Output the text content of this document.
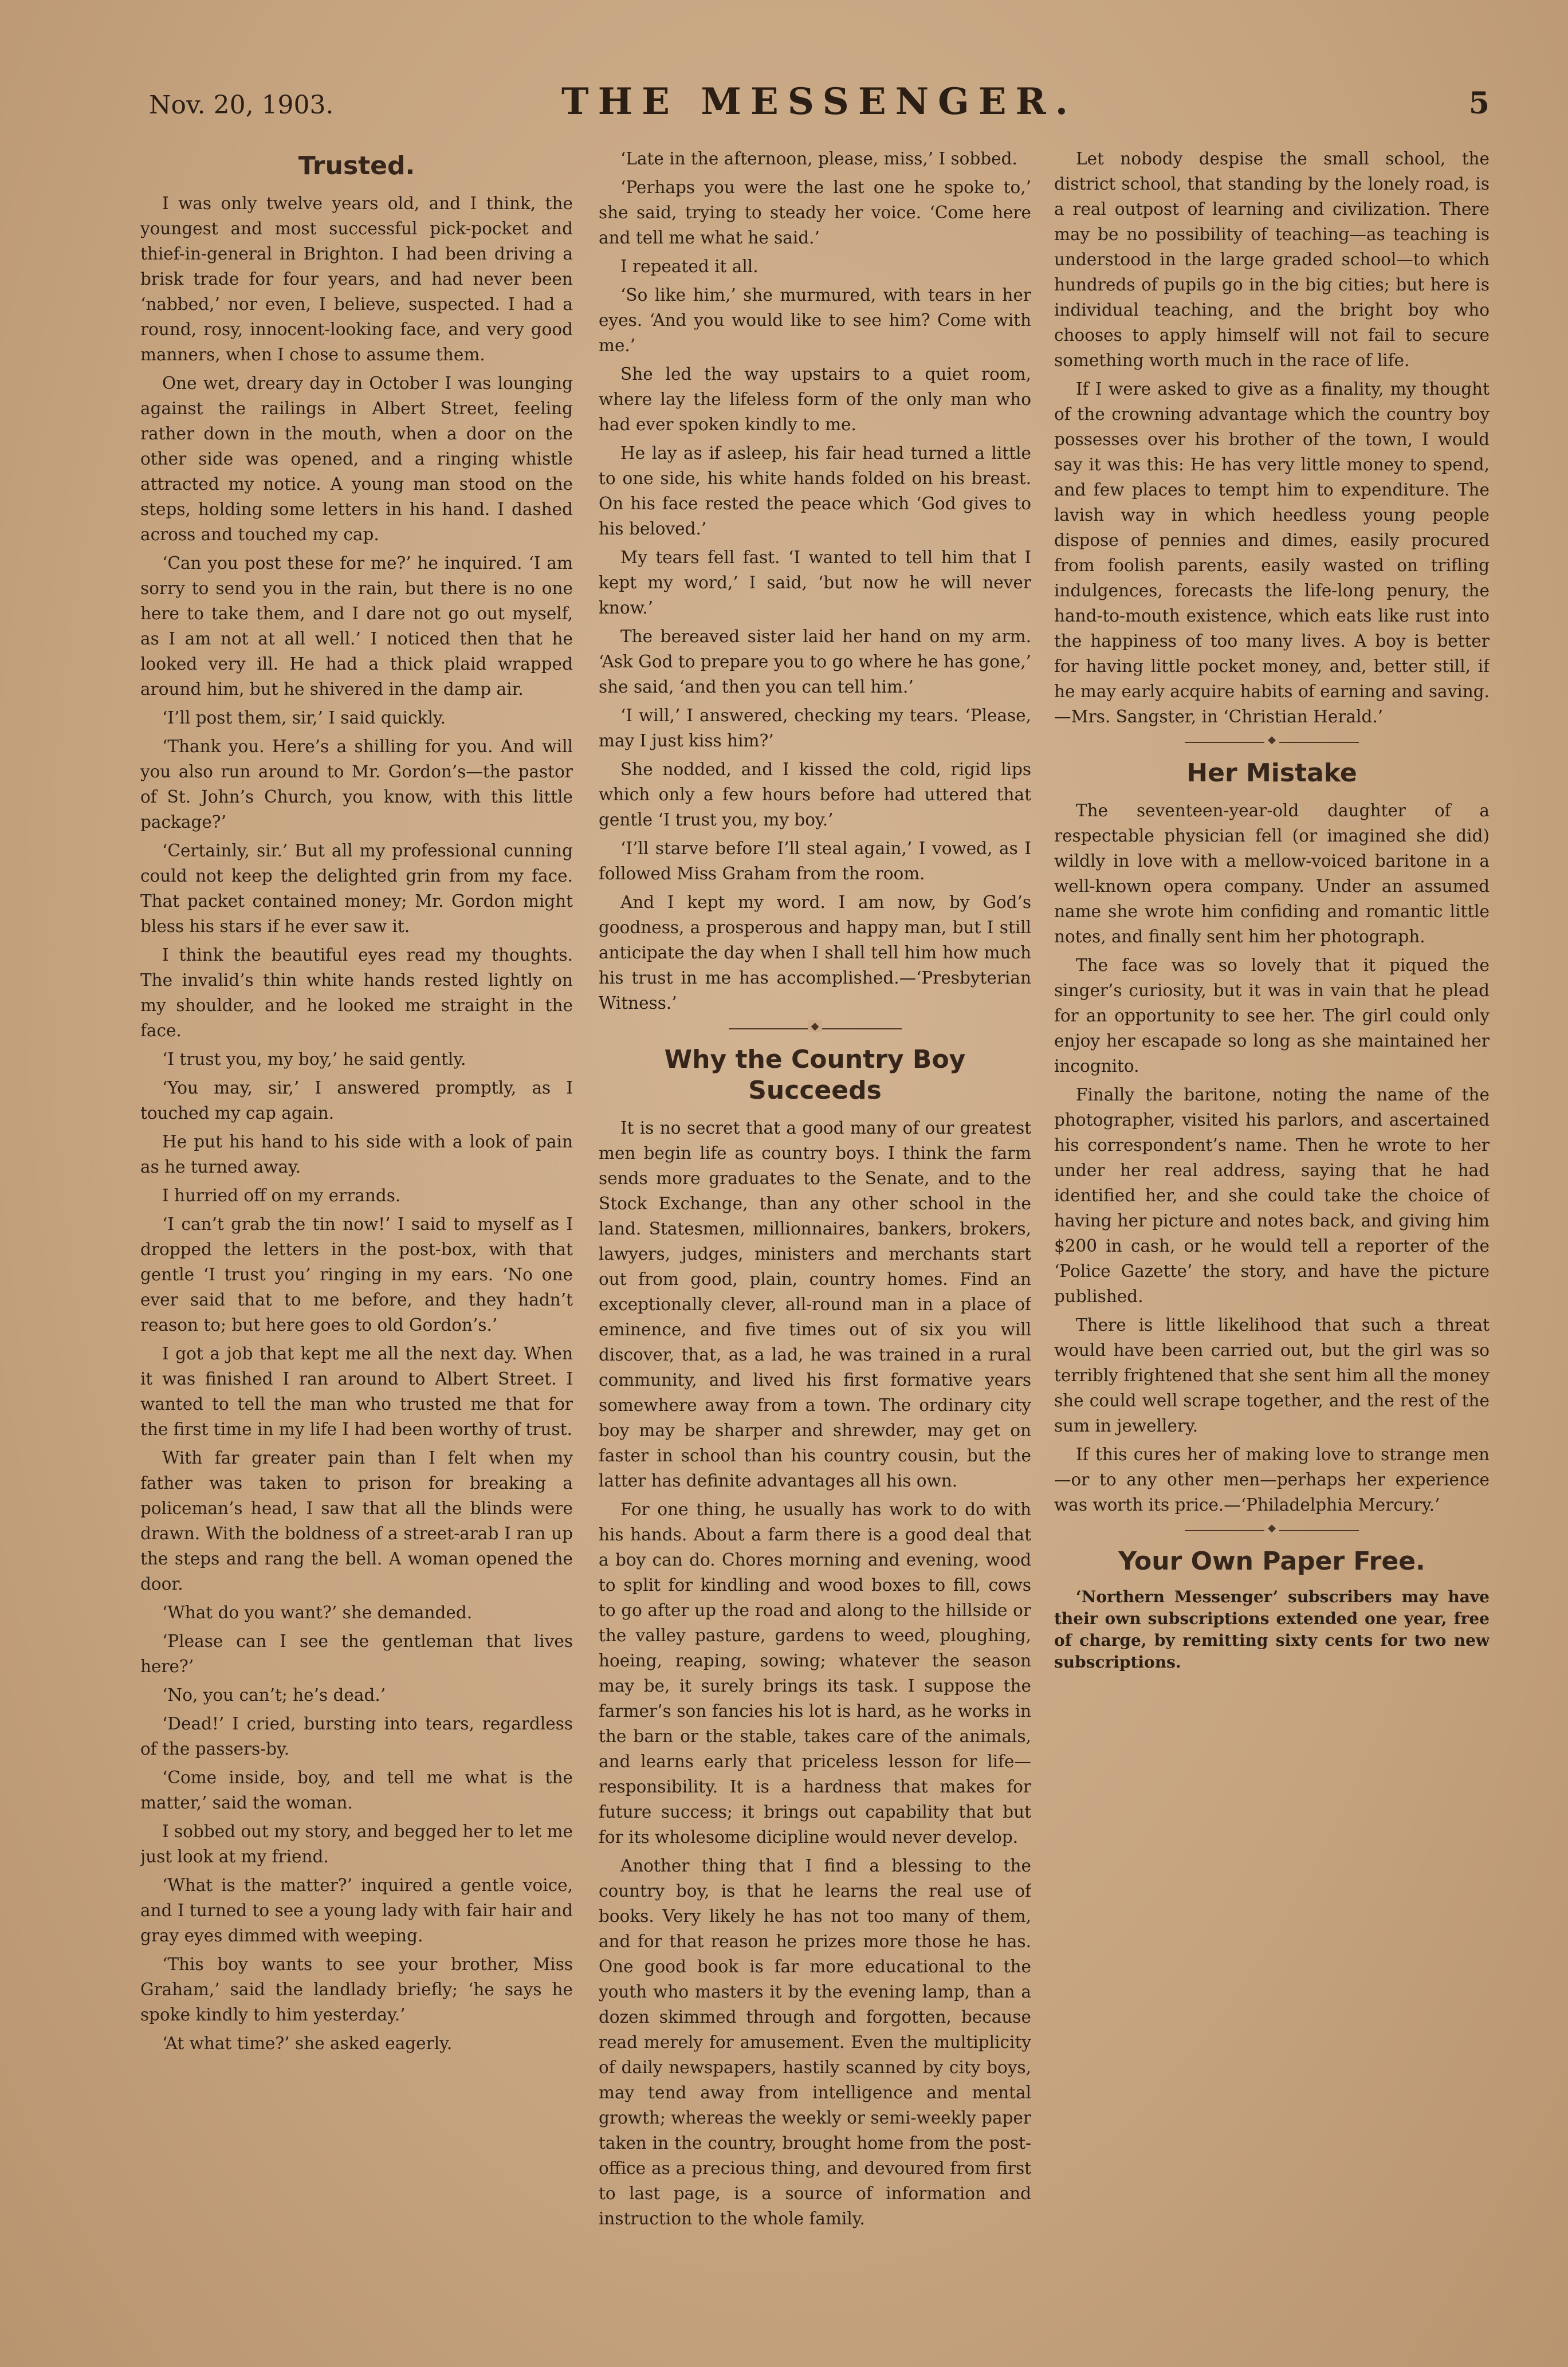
Nov. 20, 1903.	THE MESSENGER.	5
Trusted.

I was only twelve years old, and I think, the youngest and most successful pick-pocket and thief-in-general in Brighton. I had been driving a brisk trade for four years, and had never been ‘nabbed,’ nor even, I believe, suspected. I had a round, rosy, innocent-looking face, and very good manners, when I chose to assume them.

One wet, dreary day in October I was lounging against the railings in Albert Street, feeling rather down in the mouth, when a door on the other side was opened, and a ringing whistle attracted my notice. A young man stood on the steps, holding some letters in his hand. I dashed across and touched my cap.

‘Can you post these for me?’ he inquired. ‘I am sorry to send you in the rain, but there is no one here to take them, and I dare not go out myself, as I am not at all well.’ I noticed then that he looked very ill. He had a thick plaid wrapped around him, but he shivered in the damp air.

‘I’ll post them, sir,’ I said quickly.

‘Thank you. Here’s a shilling for you. And will you also run around to Mr. Gordon’s—the pastor of St. John’s Church, you know, with this little package?’

‘Certainly, sir.’ But all my professional cunning could not keep the delighted grin from my face. That packet contained money; Mr. Gordon might bless his stars if he ever saw it.

I think the beautiful eyes read my thoughts. The invalid’s thin white hands rested lightly on my shoulder, and he looked me straight in the face.

‘I trust you, my boy,’ he said gently.

‘You may, sir,’ I answered promptly, as I touched my cap again.

He put his hand to his side with a look of pain as he turned away.

I hurried off on my errands.

‘I can’t grab the tin now!’ I said to myself as I dropped the letters in the post-box, with that gentle ‘I trust you’ ringing in my ears. ‘No one ever said that to me before, and they hadn’t reason to; but here goes to old Gordon’s.’

I got a job that kept me all the next day. When it was finished I ran around to Albert Street. I wanted to tell the man who trusted me that for the first time in my life I had been worthy of trust.

With far greater pain than I felt when my father was taken to prison for breaking a policeman’s head, I saw that all the blinds were drawn. With the boldness of a street-arab I ran up the steps and rang the bell. A woman opened the door.

‘What do you want?’ she demanded.

‘Please can I see the gentleman that lives here?’

‘No, you can’t; he’s dead.’

‘Dead!’ I cried, bursting into tears, regardless of the passers-by.

‘Come inside, boy, and tell me what is the matter,’ said the woman.

I sobbed out my story, and begged her to let me just look at my friend.

‘What is the matter?’ inquired a gentle voice, and I turned to see a young lady with fair hair and gray eyes dimmed with weeping.

‘This boy wants to see your brother, Miss Graham,’ said the landlady briefly; ‘he says he spoke kindly to him yesterday.’

‘At what time?’ she asked eagerly.

‘Late in the afternoon, please, miss,’ I sobbed.

‘Perhaps you were the last one he spoke to,’ she said, trying to steady her voice. ‘Come here and tell me what he said.’

I repeated it all.

‘So like him,’ she murmured, with tears in her eyes. ‘And you would like to see him? Come with me.’

She led the way upstairs to a quiet room, where lay the lifeless form of the only man who had ever spoken kindly to me.

He lay as if asleep, his fair head turned a little to one side, his white hands folded on his breast. On his face rested the peace which ‘God gives to his beloved.’

My tears fell fast. ‘I wanted to tell him that I kept my word,’ I said, ‘but now he will never know.’

The bereaved sister laid her hand on my arm. ‘Ask God to prepare you to go where he has gone,’ she said, ‘and then you can tell him.’

‘I will,’ I answered, checking my tears. ‘Please, may I just kiss him?’

She nodded, and I kissed the cold, rigid lips which only a few hours before had uttered that gentle ‘I trust you, my boy.’

‘I’ll starve before I’ll steal again,’ I vowed, as I followed Miss Graham from the room.

And I kept my word. I am now, by God’s goodness, a prosperous and happy man, but I still anticipate the day when I shall tell him how much his trust in me has accomplished.—‘Presbyterian Witness.’

◆
Why the Country Boy Succeeds

It is no secret that a good many of our greatest men begin life as country boys. I think the farm sends more graduates to the Senate, and to the Stock Exchange, than any other school in the land. Statesmen, millionnaires, bankers, brokers, lawyers, judges, ministers and merchants start out from good, plain, country homes. Find an exceptionally clever, all-round man in a place of eminence, and five times out of six you will discover, that, as a lad, he was trained in a rural community, and lived his first formative years somewhere away from a town. The ordinary city boy may be sharper and shrewder, may get on faster in school than his country cousin, but the latter has definite advantages all his own.

For one thing, he usually has work to do with his hands. About a farm there is a good deal that a boy can do. Chores morning and evening, wood to split for kindling and wood boxes to fill, cows to go after up the road and along to the hillside or the valley pasture, gardens to weed, ploughing, hoeing, reaping, sowing; whatever the season may be, it surely brings its task. I suppose the farmer’s son fancies his lot is hard, as he works in the barn or the stable, takes care of the animals, and learns early that priceless lesson for life—responsibility. It is a hardness that makes for future success; it brings out capability that but for its wholesome dicipline would never develop.

Another thing that I find a blessing to the country boy, is that he learns the real use of books. Very likely he has not too many of them, and for that reason he prizes more those he has. One good book is far more educational to the youth who masters it by the evening lamp, than a dozen skimmed through and forgotten, because read merely for amusement. Even the multiplicity of daily newspapers, hastily scanned by city boys, may tend away from intelligence and mental growth; whereas the weekly or semi-weekly paper taken in the country, brought home from the post-office as a precious thing, and devoured from first to last page, is a source of information and instruction to the whole family.

Let nobody despise the small school, the district school, that standing by the lonely road, is a real outpost of learning and civilization. There may be no possibility of teaching—as teaching is understood in the large graded school—to which hundreds of pupils go in the big cities; but here is individual teaching, and the bright boy who chooses to apply himself will not fail to secure something worth much in the race of life.

If I were asked to give as a finality, my thought of the crowning advantage which the country boy possesses over his brother of the town, I would say it was this: He has very little money to spend, and few places to tempt him to expenditure. The lavish way in which heedless young people dispose of pennies and dimes, easily procured from foolish parents, easily wasted on trifling indulgences, forecasts the life-long penury, the hand-to-mouth existence, which eats like rust into the happiness of too many lives. A boy is better for having little pocket money, and, better still, if he may early acquire habits of earning and saving.—Mrs. Sangster, in ‘Christian Herald.’

◆
Her Mistake

The seventeen-year-old daughter of a respectable physician fell (or imagined she did) wildly in love with a mellow-voiced baritone in a well-known opera company. Under an assumed name she wrote him confiding and romantic little notes, and finally sent him her photograph.

The face was so lovely that it piqued the singer’s curiosity, but it was in vain that he plead for an opportunity to see her. The girl could only enjoy her escapade so long as she maintained her incognito.

Finally the baritone, noting the name of the photographer, visited his parlors, and ascertained his correspondent’s name. Then he wrote to her under her real address, saying that he had identified her, and she could take the choice of having her picture and notes back, and giving him $200 in cash, or he would tell a reporter of the ‘Police Gazette’ the story, and have the picture published.

There is little likelihood that such a threat would have been carried out, but the girl was so terribly frightened that she sent him all the money she could well scrape together, and the rest of the sum in jewellery.

If this cures her of making love to strange men—or to any other men—perhaps her experience was worth its price.—‘Philadelphia Mercury.’

◆
Your Own Paper Free.

‘Northern Messenger’ subscribers may have their own subscriptions extended one year, free of charge, by remitting sixty cents for two new subscriptions.
